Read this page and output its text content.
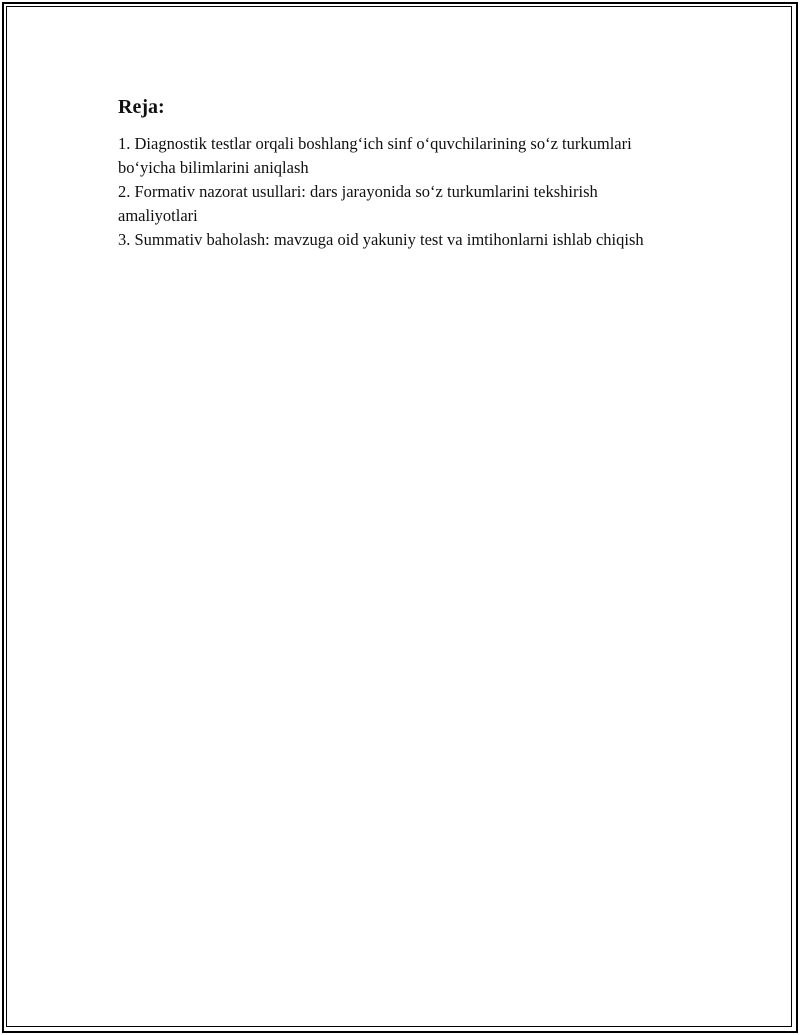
Reja:
1. Diagnostik testlar orqali boshlang‘ich sinf o‘quvchilarining so‘z turkumlari bo‘yicha bilimlarini aniqlash
2. Formativ nazorat usullari: dars jarayonida so‘z turkumlarini tekshirish amaliyotlari
3. Summativ baholash: mavzuga oid yakuniy test va imtihonlarni ishlab chiqish
